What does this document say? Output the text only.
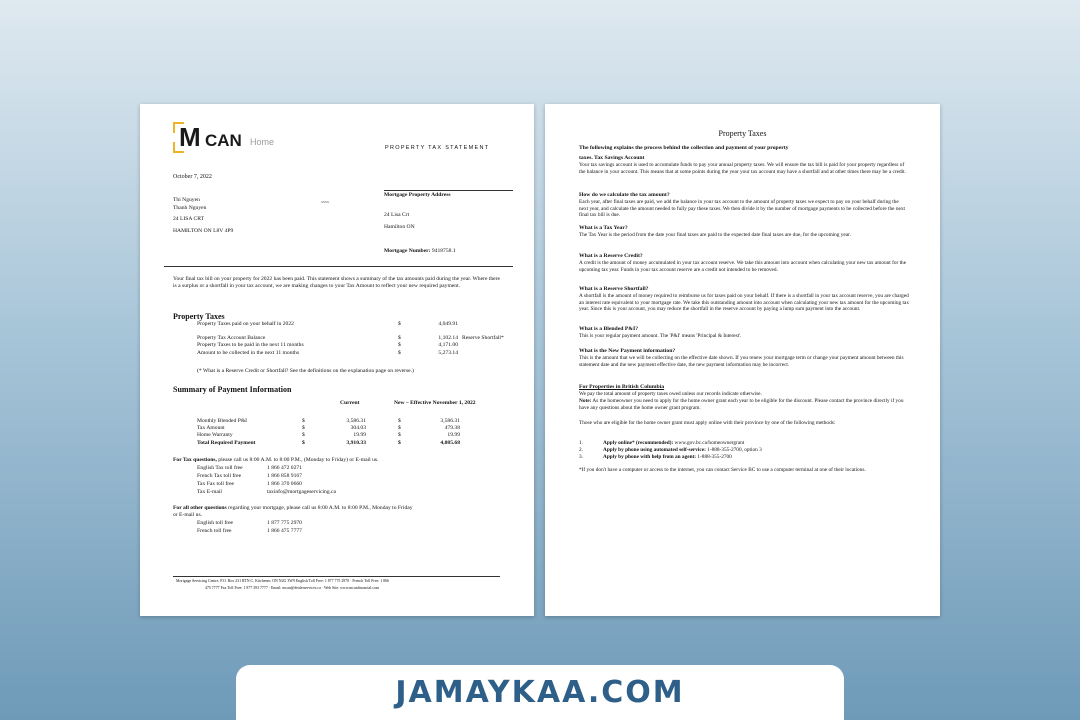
M CAN Home
PROPERTY TAX STATEMENT
October 7, 2022
Thi Nguyen
Thanh Nguyen
24 LISA CRT
HAMILTON ON L8V 4P9
xxxx
Mortgage Property Address
24 Lisa Crt
Hamilton ON
Mortgage Number: 9418758.1
Your final tax bill on your property for 2022 has been paid. This statement shows a summary of the tax amounts paid during the year. Where there is a surplus or a shortfall in your tax account, we are making changes to your Tax Amount to reflect your new required payment.
Property Taxes
Property Taxes paid on your behalf in 2022	$	4,049.91
Property Tax Account Balance	$	1,102.14 Reserve Shortfall*
Property Taxes to be paid in the next 11 months	$	4,171.00
Amount to be collected in the next 11 months	$	5,273.14
(* What is a Reserve Credit or Shortfall? See the definitions on the explanation page on reverse.)
Summary of Payment Information
Current	New – Effective November 1, 2022
Monthly Blended P&I	$	3,586.31	$	3,586.31
Tax Amount	$	304.03	$	479.38
Home Warranty	$	19.99	$	19.99
Total Required Payment	$	3,910.33	$	4,085.68
For Tax questions, please call us 8:00 A.M. to 8:00 P.M., (Monday to Friday) or E-mail us.
English Tax toll free	1 866 472 0271
French Tax toll free	1 866 858 9167
Tax Fax toll free	1 866 370 0660
Tax E-mail	taxinfo@mortgageservicing.ca
For all other questions regarding your mortgage, please call us 8:00 A.M. to 8:00 P.M., Monday to Friday
or E-mail us.
English toll free	1 877 775 2970
French toll free	1 866 475 7777
Mortgage Servicing Centre, P.O. Box 231 RTN C, Kitchener, ON N2G 3W9 English Toll Free: 1 877 775 2970 · French Toll Free: 1 866
475 7777 Fax Toll Free: 1 877 393 7777 · Email: mcan@dealerservices.ca · Web Site: www.mcanfinancial.com
Property Taxes
The following explains the process behind the collection and payment of your property
taxes. Tax Savings Account
Your tax savings account is used to accumulate funds to pay your annual property taxes. We will ensure the tax bill is paid for your property regardless of the balance in your account. This means that at some points during the year your tax account may have a shortfall and at other times there may be a credit.
How do we calculate the tax amount?
Each year, after final taxes are paid, we add the balance in your tax account to the amount of property taxes we expect to pay on your behalf during the next year, and calculate the amount needed to fully pay these taxes. We then divide it by the number of mortgage payments to be collected before the next final tax bill is due.
What is a Tax Year?
The Tax Year is the period from the date your final taxes are paid to the expected date final taxes are due, for the upcoming year.
What is a Reserve Credit?
A credit is the amount of money accumulated in your tax account reserve. We take this amount into account when calculating your new tax amount for the upcoming tax year. Funds in your tax account reserve are a credit not intended to be removed.
What is a Reserve Shortfall?
A shortfall is the amount of money required to reimburse us for taxes paid on your behalf. If there is a shortfall in your tax account reserve, you are charged an interest rate equivalent to your mortgage rate. We take this outstanding amount into account when calculating your new tax amount for the upcoming tax year. Since this is your account, you may reduce the shortfall in the reserve account by paying a lump sum payment into the account.
What is a Blended P&I?
This is your regular payment amount. The 'P&I' means 'Principal & Interest'.
What is the New Payment information?
This is the amount that we will be collecting on the effective date shown. If you renew your mortgage term or change your payment amount between this statement date and the new payment effective date, the new payment information may be incorrect.
For Properties in British Columbia
We pay the total amount of property taxes owed unless our records indicate otherwise.
Note: As the homeowner you need to apply for the home owner grant each year to be eligible for the discount. Please contact the province directly if you have any questions about the home owner grant program.
Those who are eligible for the home owner grant must apply online with their province by one of the following methods:
1.	Apply online* (recommended): www.gov.bc.ca/homeownergrant
2.	Apply by phone using automated self-service: 1-888-355-2700, option 3
3.	Apply by phone with help from an agent: 1-888-355-2700
*If you don't have a computer or access to the internet, you can contact Service BC to use a computer terminal at one of their locations.
JAMAYKAA.COM
